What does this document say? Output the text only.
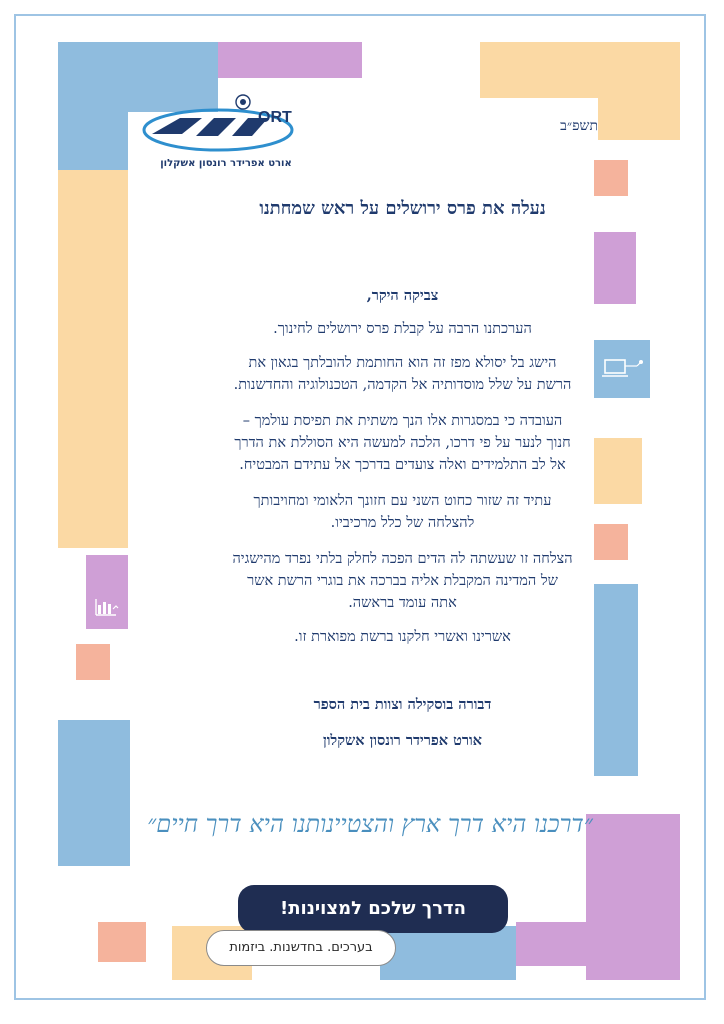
ORT
אורט אפרידר רונסון אשקלון
תשפ״ב
נעלה את פרס ירושלים על ראש שמחתנו
צביקה היקר,
הערכתנו הרבה על קבלת פרס ירושלים לחינוך.
הישג בל יסולא מפז זה הוא החותמת להובלתך בגאון את
הרשת על שלל מוסדותיה אל הקדמה, הטכנולוגיה והחדשנות.
העובדה כי במסגרות אלו הנך משתית את תפיסת עולמך –
חנוך לנער על פי דרכו, הלכה למעשה היא הסוללת את הדרך
אל לב התלמידים ואלה צועדים בדרכך אל עתידם המבטיח.
עתיד זה שזור כחוט השני עם חזונך הלאומי ומחויבותך
להצלחה של כלל מרכיביו.
הצלחה זו שעשתה לה הדים הפכה לחלק בלתי נפרד מהישגיה
של המדינה המקבלת אליה בברכה את בוגרי הרשת אשר
אתה עומד בראשה.
אשרינו ואשרי חלקנו ברשת מפוארת זו.
דבורה בוסקילה וצוות בית הספר
אורט אפרידר רונסון אשקלון
״דרכנו היא דרך ארץ והצטיינותנו היא דרך חיים״
הדרך שלכם למצוינות!
בערכים. בחדשנות. ביזמות
